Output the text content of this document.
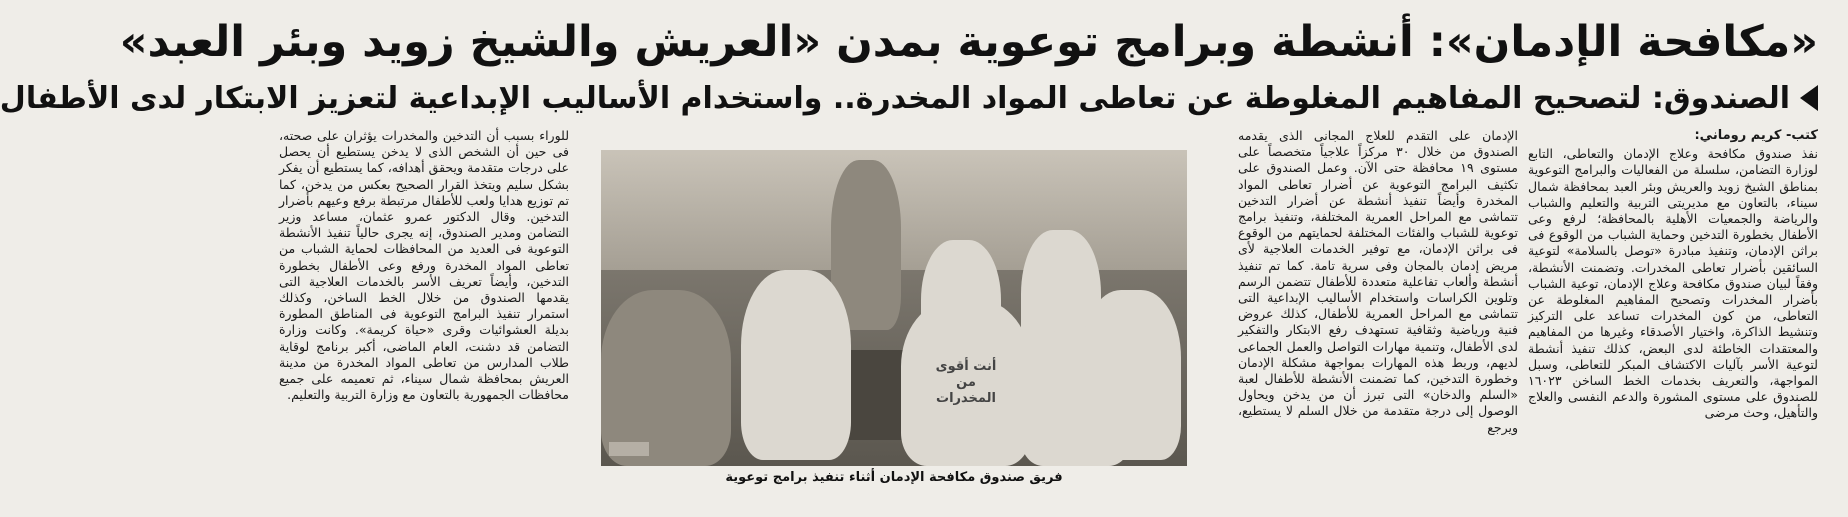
«مكافحة الإدمان»: أنشطة وبرامج توعوية بمدن «العريش والشيخ زويد وبئر العبد»
الصندوق: لتصحيح المفاهيم المغلوطة عن تعاطى المواد المخدرة.. واستخدام الأساليب الإبداعية لتعزيز الابتكار لدى الأطفال
كتب- كريم روماني:

نفذ صندوق مكافحة وعلاج الإدمان والتعاطى، التابع لوزارة التضامن، سلسلة من الفعاليات والبرامج التوعوية بمناطق الشيخ زويد والعريش وبئر العبد بمحافظة شمال سيناء، بالتعاون مع مديريتى التربية والتعليم والشباب والرياضة والجمعيات الأهلية بالمحافظة؛ لرفع وعى الأطفال بخطورة التدخين وحماية الشباب من الوقوع فى براثن الإدمان، وتنفيذ مبادرة «توصل بالسلامة» لتوعية السائقين بأضرار تعاطى المخدرات. وتضمنت الأنشطة، وفقاً لبيان صندوق مكافحة وعلاج الإدمان، توعية الشباب بأضرار المخدرات وتصحيح المفاهيم المغلوطة عن التعاطى، من كون المخدرات تساعد على التركيز وتنشيط الذاكرة، واختيار الأصدقاء وغيرها من المفاهيم والمعتقدات الخاطئة لدى البعض، كذلك تنفيذ أنشطة لتوعية الأسر بآليات الاكتشاف المبكر للتعاطى، وسبل المواجهة، والتعريف بخدمات الخط الساخن ١٦٠٢٣ للصندوق على مستوى المشورة والدعم النفسى والعلاج والتأهيل، وحث مرضى

الإدمان على التقدم للعلاج المجانى الذى يقدمه الصندوق من خلال ٣٠ مركزاً علاجياً متخصصاً على مستوى ١٩ محافظة حتى الآن. وعمل الصندوق على تكثيف البرامج التوعوية عن أضرار تعاطى المواد المخدرة وأيضاً تنفيذ أنشطة عن أضرار التدخين تتماشى مع المراحل العمرية المختلفة، وتنفيذ برامج توعوية للشباب والفئات المختلفة لحمايتهم من الوقوع فى براثن الإدمان، مع توفير الخدمات العلاجية لأى مريض إدمان بالمجان وفى سرية تامة. كما تم تنفيذ أنشطة وألعاب تفاعلية متعددة للأطفال تتضمن الرسم وتلوين الكراسات واستخدام الأساليب الإبداعية التى تتماشى مع المراحل العمرية للأطفال، كذلك عروض فنية ورياضية وثقافية تستهدف رفع الابتكار والتفكير لدى الأطفال، وتنمية مهارات التواصل والعمل الجماعى لديهم، وربط هذه المهارات بمواجهة مشكلة الإدمان وخطورة التدخين، كما تضمنت الأنشطة للأطفال لعبة «السلم والدخان» التى تبرز أن من يدخن ويحاول الوصول إلى درجة متقدمة من خلال السلم لا يستطيع، ويرجع

أنت أقوى من المخدرات
فريق صندوق مكافحة الإدمان أثناء تنفيذ برامج توعوية

للوراء بسبب أن التدخين والمخدرات يؤثران على صحته، فى حين أن الشخص الذى لا يدخن يستطيع أن يحصل على درجات متقدمة ويحقق أهدافه، كما يستطيع أن يفكر بشكل سليم ويتخذ القرار الصحيح بعكس من يدخن، كما تم توزيع هدايا ولعب للأطفال مرتبطة برفع وعيهم بأضرار التدخين. وقال الدكتور عمرو عثمان، مساعد وزير التضامن ومدير الصندوق، إنه يجرى حالياً تنفيذ الأنشطة التوعوية فى العديد من المحافظات لحماية الشباب من تعاطى المواد المخدرة ورفع وعى الأطفال بخطورة التدخين، وأيضاً تعريف الأسر بالخدمات العلاجية التى يقدمها الصندوق من خلال الخط الساخن، وكذلك استمرار تنفيذ البرامج التوعوية فى المناطق المطورة بديلة العشوائيات وقرى «حياة كريمة». وكانت وزارة التضامن قد دشنت، العام الماضى، أكبر برنامج لوقاية طلاب المدارس من تعاطى المواد المخدرة من مدينة العريش بمحافظة شمال سيناء، ثم تعميمه على جميع محافظات الجمهورية بالتعاون مع وزارة التربية والتعليم.
